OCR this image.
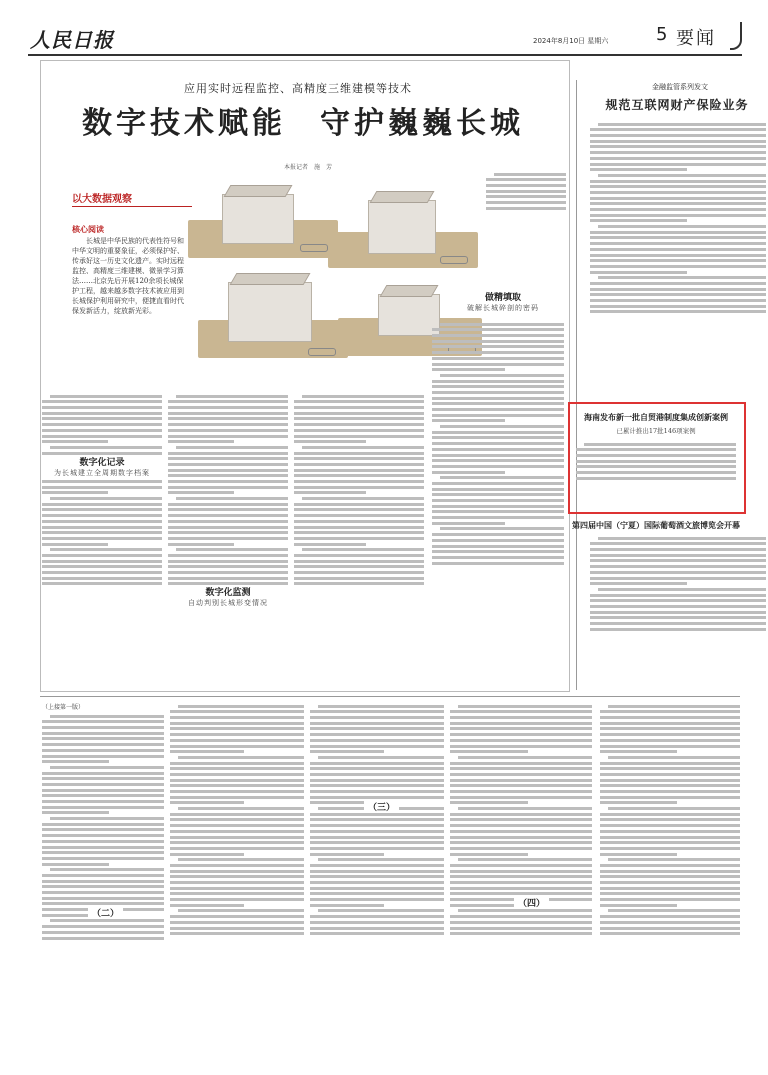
人民日报	2024年8月10日 星期六	5 要闻
应用实时远程监控、高精度三维建模等技术
数字技术赋能　守护巍巍长城
本报记者　施　芳
以大数据观察
核心阅读
长城是中华民族的代表性符号和中华文明的重要象征，必须保护好、传承好这一历史文化遗产。实时远程监控、高精度三维建模、微景学习算法……北京先后开展120余项长城保护工程，越来越多数字技术被应用到长城保护利用研究中，便捷直看时代保发新活力，绽放新光彩。
做精填取
破解长城碎剖的密码
数字化记录
为长城建立全周期数字档案
数字化监测
自动判别长城形变情况
金融监管系列发文
规范互联网财产保险业务
海南发布新一批自贸港制度集成创新案例
已累计推出17批146项案例
第四届中国（宁夏）国际葡萄酒文旅博览会开幕
（上接第一版）
（二）
（三）
（四）
